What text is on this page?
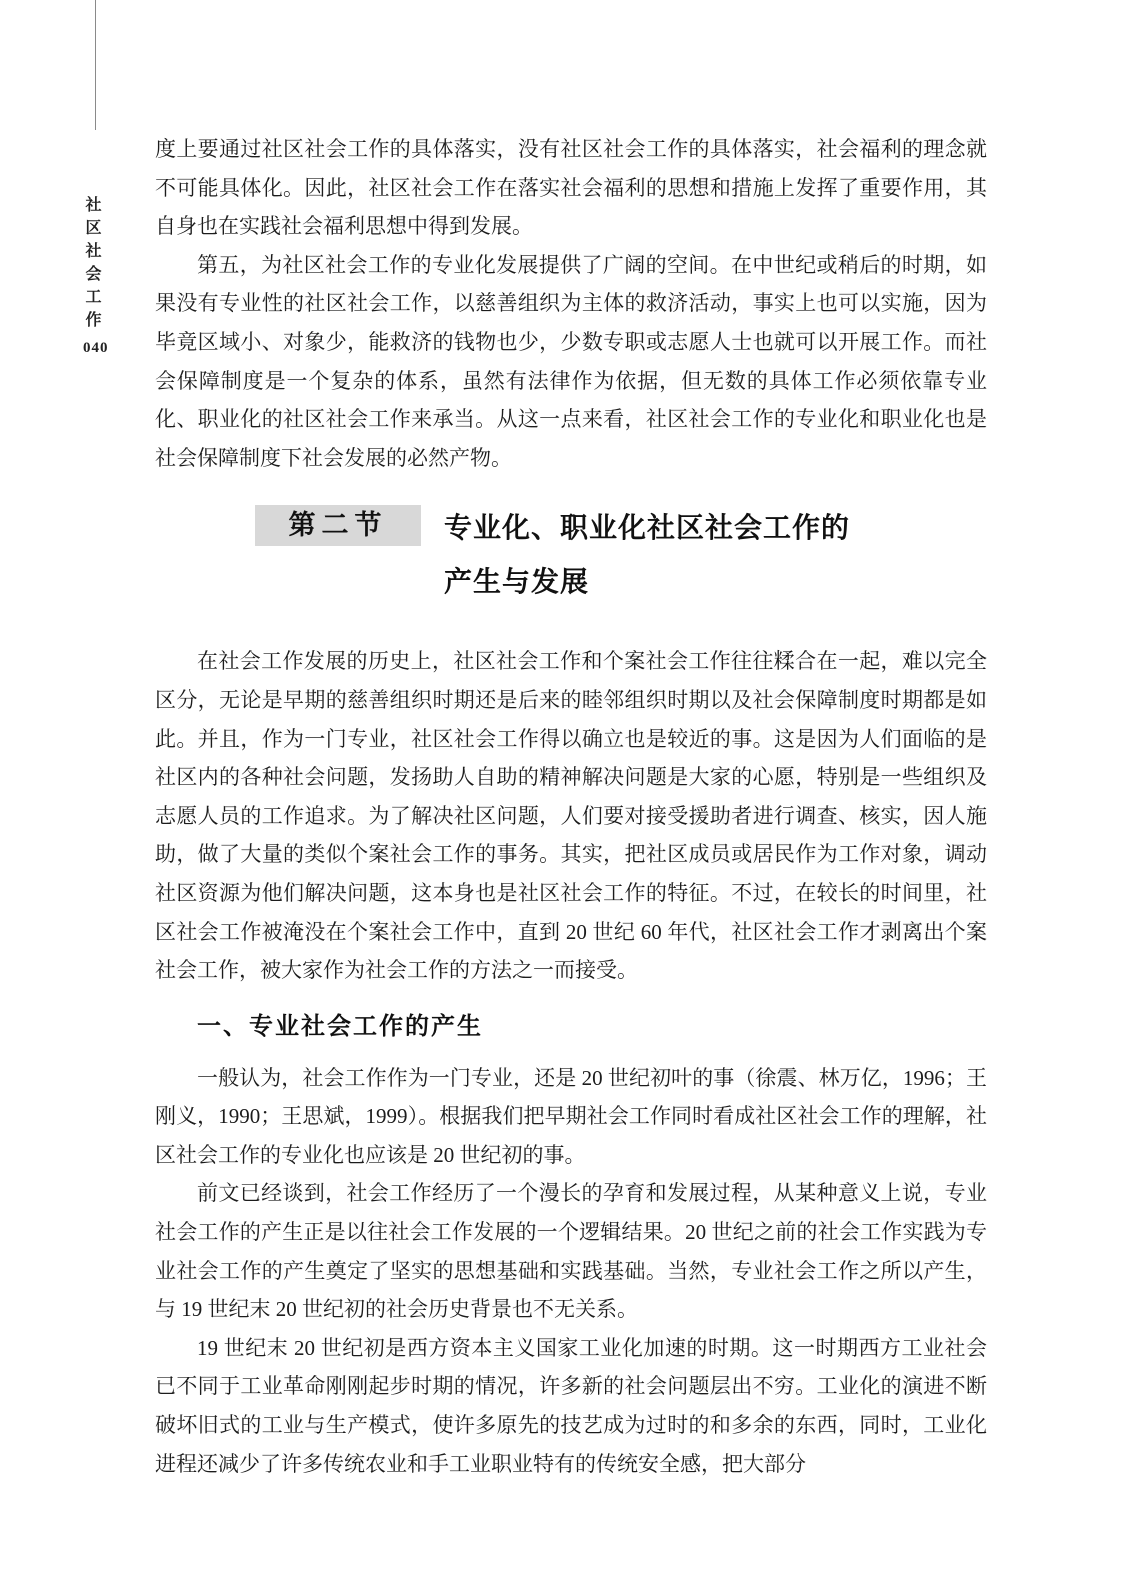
社区社会工作
040

度上要通过社区社会工作的具体落实，没有社区社会工作的具体落实，社会福利的理念就不可能具体化。因此，社区社会工作在落实社会福利的思想和措施上发挥了重要作用，其自身也在实践社会福利思想中得到发展。

第五，为社区社会工作的专业化发展提供了广阔的空间。在中世纪或稍后的时期，如果没有专业性的社区社会工作，以慈善组织为主体的救济活动，事实上也可以实施，因为毕竟区域小、对象少，能救济的钱物也少，少数专职或志愿人士也就可以开展工作。而社会保障制度是一个复杂的体系，虽然有法律作为依据，但无数的具体工作必须依靠专业化、职业化的社区社会工作来承当。从这一点来看，社区社会工作的专业化和职业化也是社会保障制度下社会发展的必然产物。

第二节	专业化、职业化社区社会工作的
产生与发展

在社会工作发展的历史上，社区社会工作和个案社会工作往往糅合在一起，难以完全区分，无论是早期的慈善组织时期还是后来的睦邻组织时期以及社会保障制度时期都是如此。并且，作为一门专业，社区社会工作得以确立也是较近的事。这是因为人们面临的是社区内的各种社会问题，发扬助人自助的精神解决问题是大家的心愿，特别是一些组织及志愿人员的工作追求。为了解决社区问题，人们要对接受援助者进行调查、核实，因人施助，做了大量的类似个案社会工作的事务。其实，把社区成员或居民作为工作对象，调动社区资源为他们解决问题，这本身也是社区社会工作的特征。不过，在较长的时间里，社区社会工作被淹没在个案社会工作中，直到 20 世纪 60 年代，社区社会工作才剥离出个案社会工作，被大家作为社会工作的方法之一而接受。

一、专业社会工作的产生

一般认为，社会工作作为一门专业，还是 20 世纪初叶的事（徐震、林万亿，1996；王刚义，1990；王思斌，1999）。根据我们把早期社会工作同时看成社区社会工作的理解，社区社会工作的专业化也应该是 20 世纪初的事。

前文已经谈到，社会工作经历了一个漫长的孕育和发展过程，从某种意义上说，专业社会工作的产生正是以往社会工作发展的一个逻辑结果。20 世纪之前的社会工作实践为专业社会工作的产生奠定了坚实的思想基础和实践基础。当然，专业社会工作之所以产生，与 19 世纪末 20 世纪初的社会历史背景也不无关系。

19 世纪末 20 世纪初是西方资本主义国家工业化加速的时期。这一时期西方工业社会已不同于工业革命刚刚起步时期的情况，许多新的社会问题层出不穷。工业化的演进不断破坏旧式的工业与生产模式，使许多原先的技艺成为过时的和多余的东西，同时，工业化进程还减少了许多传统农业和手工业职业特有的传统安全感，把大部分
